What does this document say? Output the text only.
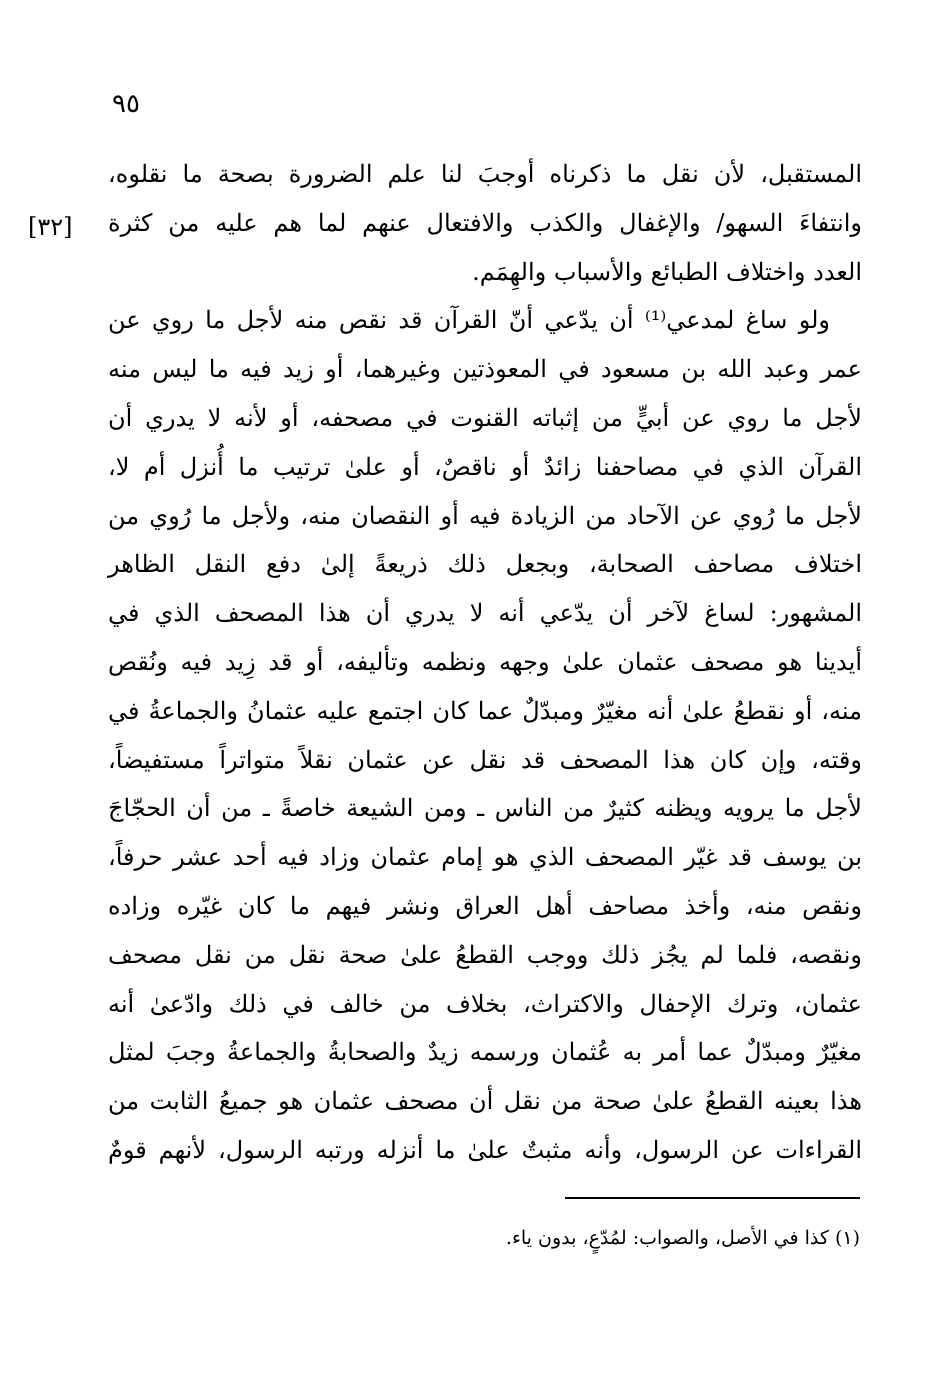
٩٥
[٣٢]
المستقبل، لأن نقل ما ذكرناه أوجبَ لنا علم الضرورة بصحة ما نقلوه،
وانتفاءَ السهو/ والإغفال والكذب والافتعال عنهم لما هم عليه من كثرة
العدد واختلاف الطبائع والأسباب والهِمَم.
ولو ساغ لمدعي⁽¹⁾ أن يدّعي أنّ القرآن قد نقص منه لأجل ما روي عن
عمر وعبد الله بن مسعود في المعوذتين وغيرهما، أو زيد فيه ما ليس منه
لأجل ما روي عن أبيٍّ من إثباته القنوت في مصحفه، أو لأنه لا يدري أن
القرآن الذي في مصاحفنا زائدٌ أو ناقصٌ، أو علىٰ ترتيب ما أُنزل أم لا،
لأجل ما رُوي عن الآحاد من الزيادة فيه أو النقصان منه، ولأجل ما رُوي من
اختلاف مصاحف الصحابة، وبجعل ذلك ذريعةً إلىٰ دفع النقل الظاهر
المشهور: لساغ لآخر أن يدّعي أنه لا يدري أن هذا المصحف الذي في
أيدينا هو مصحف عثمان علىٰ وجهه ونظمه وتأليفه، أو قد زِيد فيه ونُقص
منه، أو نقطعُ علىٰ أنه مغيّرٌ ومبدّلٌ عما كان اجتمع عليه عثمانُ والجماعةُ في
وقته، وإن كان هذا المصحف قد نقل عن عثمان نقلاً متواتراً مستفيضاً،
لأجل ما يرويه ويظنه كثيرٌ من الناس ـ ومن الشيعة خاصةً ـ من أن الحجّاجَ
بن يوسف قد غيّر المصحف الذي هو إمام عثمان وزاد فيه أحد عشر حرفاً،
ونقص منه، وأخذ مصاحف أهل العراق ونشر فيهم ما كان غيّره وزاده
ونقصه، فلما لم يجُز ذلك ووجب القطعُ علىٰ صحة نقل من نقل مصحف
عثمان، وترك الإحفال والاكتراث، بخلاف من خالف في ذلك وادّعىٰ أنه
مغيّرٌ ومبدّلٌ عما أمر به عُثمان ورسمه زيدٌ والصحابةُ والجماعةُ وجبَ لمثل
هذا بعينه القطعُ علىٰ صحة من نقل أن مصحف عثمان هو جميعُ الثابت من
القراءات عن الرسول، وأنه مثبتٌ علىٰ ما أنزله ورتبه الرسول، لأنهم قومٌ
(١) كذا في الأصل، والصواب: لمُدّعٍ، بدون ياء.
